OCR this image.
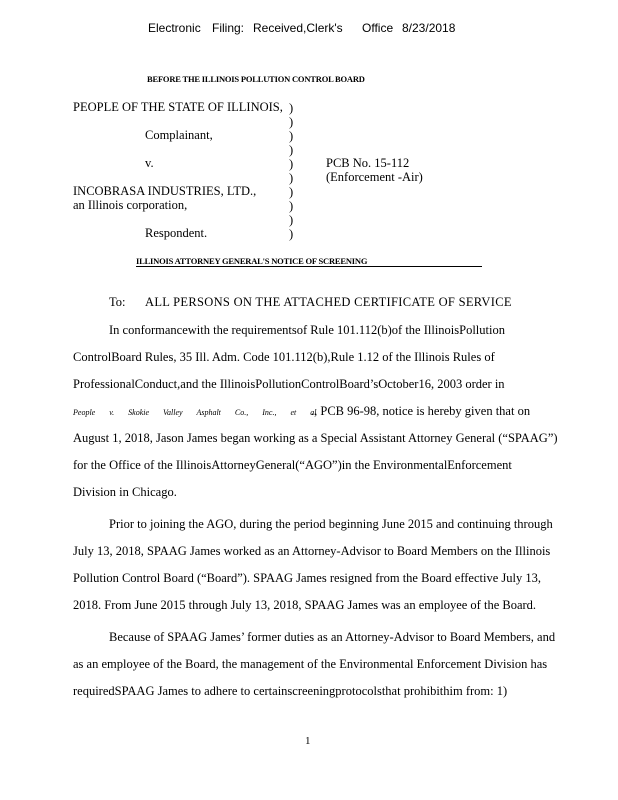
Electronic Filing: Received,Clerk's Office 8/23/2018
BEFORE THE ILLINOIS POLLUTION CONTROL BOARD
PEOPLE OF THE STATE OF ILLINOIS,
Complainant,
v.
INCOBRASA INDUSTRIES, LTD.,
an Illinois corporation,
Respondent.
)
)
)
)
)
)
)
)
)
)
PCB No. 15-112
(Enforcement -Air)
ILLINOIS ATTORNEY GENERAL'S NOTICE OF SCREENING
To: ALL PERSONS ON THE ATTACHED CERTIFICATE OF SERVICE
In conformancewith the requirementsof Rule 101.112(b)of the IllinoisPollution
ControlBoard Rules, 35 Ill. Adm. Code 101.112(b),Rule 1.12 of the Illinois Rules of
ProfessionalConduct,and the IllinoisPollutionControlBoard’sOctober16, 2003 order in
People v. Skokie Valley Asphalt Co., Inc., et al
., PCB 96-98, notice is hereby given that on
August 1, 2018, Jason James began working as a Special Assistant Attorney General (“SPAAG”)
for the Office of the IllinoisAttorneyGeneral(“AGO”)in the EnvironmentalEnforcement
Division in Chicago.
Prior to joining the AGO, during the period beginning June 2015 and continuing through
July 13, 2018, SPAAG James worked as an Attorney-Advisor to Board Members on the Illinois
Pollution Control Board (“Board”). SPAAG James resigned from the Board effective July 13,
2018. From June 2015 through July 13, 2018, SPAAG James was an employee of the Board.
Because of SPAAG James’ former duties as an Attorney-Advisor to Board Members, and
as an employee of the Board, the management of the Environmental Enforcement Division has
requiredSPAAG James to adhere to certainscreeningprotocolsthat prohibithim from: 1)
1
